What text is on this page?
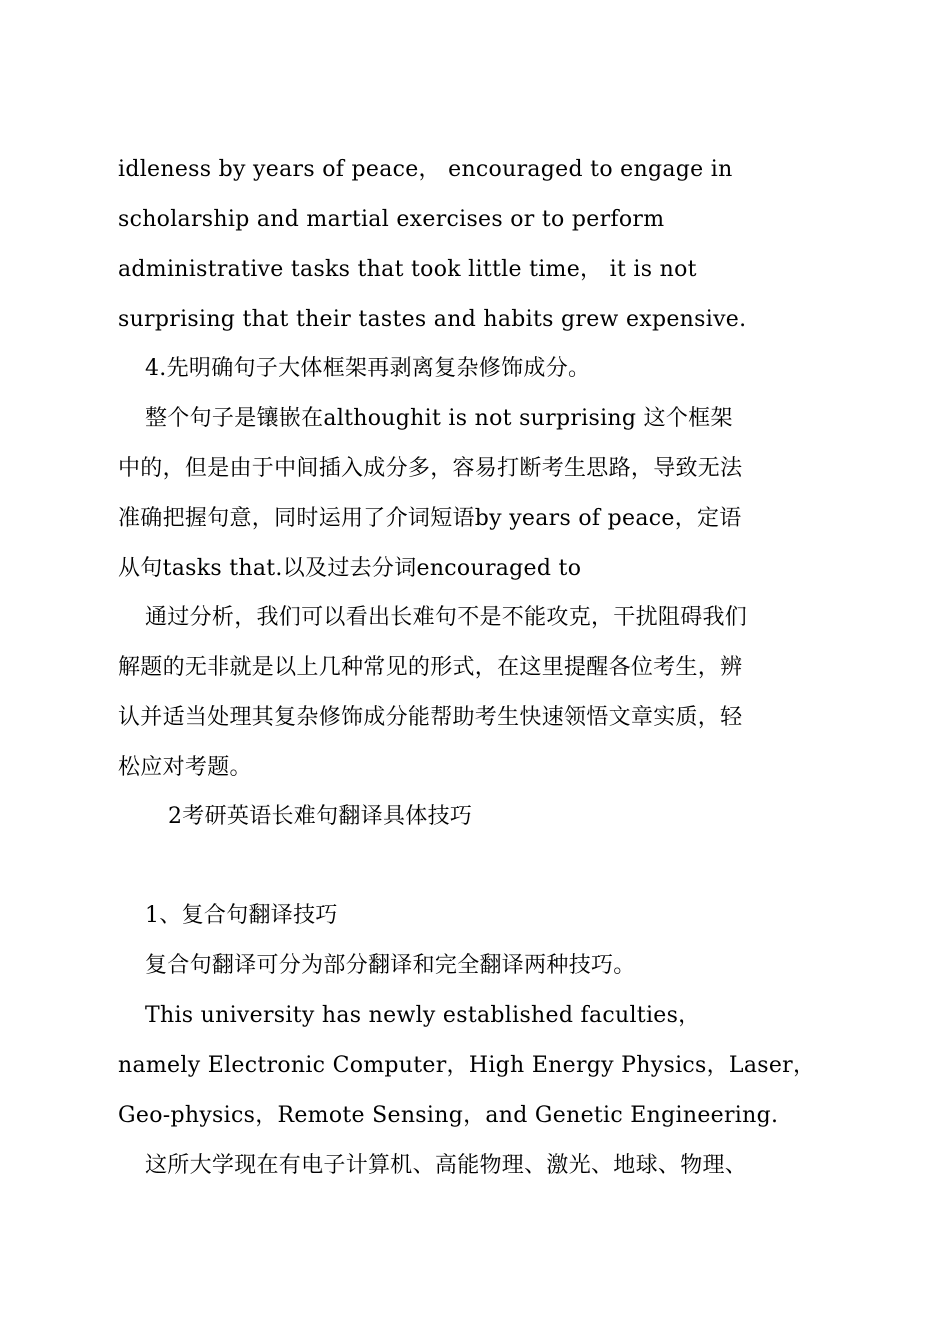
idleness by years of peace， encouraged to engage in
scholarship and martial exercises or to perform
administrative tasks that took little time， it is not
surprising that their tastes and habits grew expensive.
4.先明确句子大体框架再剥离复杂修饰成分。
整个句子是镶嵌在althoughit is not surprising 这个框架
中的，但是由于中间插入成分多，容易打断考生思路，导致无法
准确把握句意，同时运用了介词短语by years of peace，定语
从句tasks that.以及过去分词encouraged to
通过分析，我们可以看出长难句不是不能攻克，干扰阻碍我们
解题的无非就是以上几种常见的形式，在这里提醒各位考生，辨
认并适当处理其复杂修饰成分能帮助考生快速领悟文章实质，轻
松应对考题。
2考研英语长难句翻译具体技巧
1、复合句翻译技巧
复合句翻译可分为部分翻译和完全翻译两种技巧。
This university has newly established faculties，
namely Electronic Computer，High Energy Physics，Laser，
Geo-physics，Remote Sensing，and Genetic Engineering.
这所大学现在有电子计算机、高能物理、激光、地球、物理、
